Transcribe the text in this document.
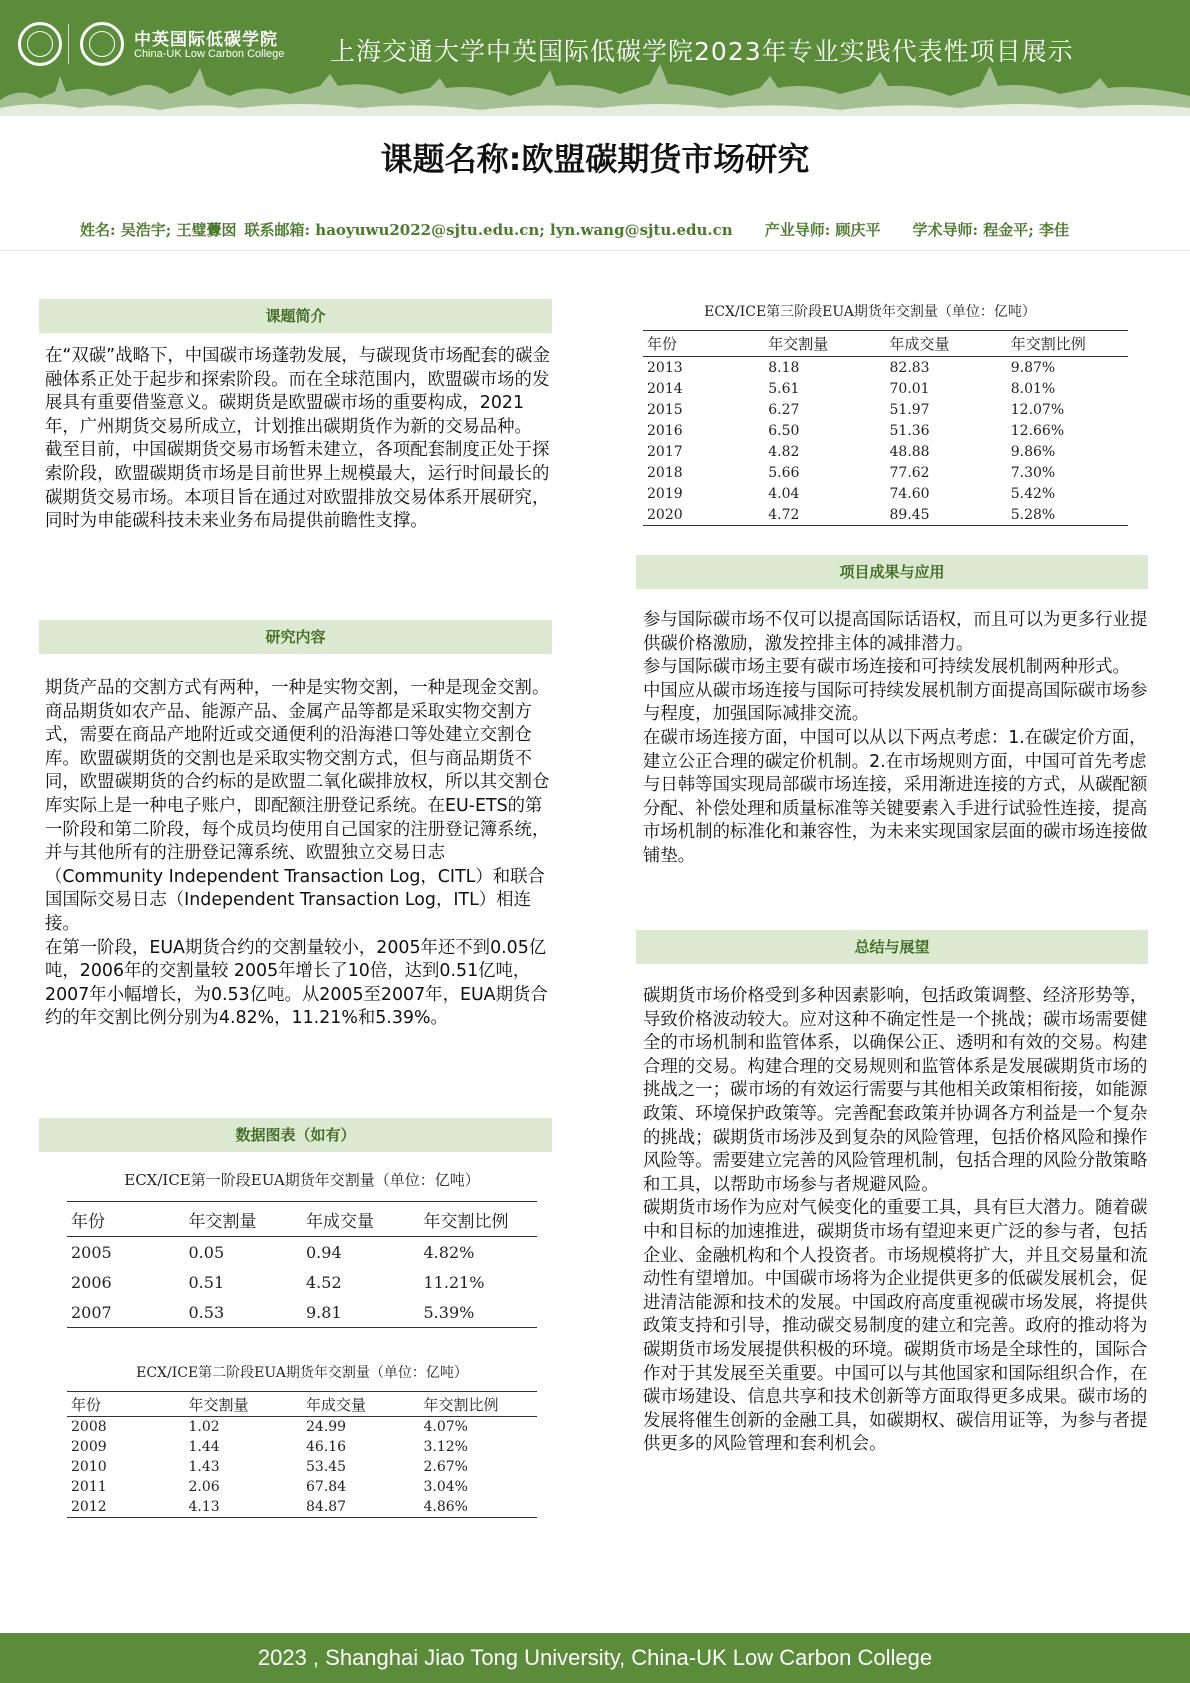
中英国际低碳学院
China-UK Low Carbon College 上海交通大学中英国际低碳学院2023年专业实践代表性项目展示
课题名称:欧盟碳期货市场研究
姓名: 吴浩宇; 王璧虋囡 联系邮箱: haoyuwu2022@sjtu.edu.cn; lyn.wang@sjtu.edu.cn 产业导师: 顾庆平 学术导师: 程金平; 李佳
课题简介

在“双碳”战略下，中国碳市场蓬勃发展，与碳现货市场配套的碳金融体系正处于起步和探索阶段。而在全球范围内，欧盟碳市场的发展具有重要借鉴意义。碳期货是欧盟碳市场的重要构成，2021年，广州期货交易所成立，计划推出碳期货作为新的交易品种。

截至目前，中国碳期货交易市场暂未建立，各项配套制度正处于探索阶段，欧盟碳期货市场是目前世界上规模最大，运行时间最长的碳期货交易市场。本项目旨在通过对欧盟排放交易体系开展研究，同时为申能碳科技未来业务布局提供前瞻性支撑。

研究内容

期货产品的交割方式有两种，一种是实物交割，一种是现金交割。商品期货如农产品、能源产品、金属产品等都是采取实物交割方式，需要在商品产地附近或交通便利的沿海港口等处建立交割仓库。欧盟碳期货的交割也是采取实物交割方式，但与商品期货不同，欧盟碳期货的合约标的是欧盟二氧化碳排放权，所以其交割仓库实际上是一种电子账户，即配额注册登记系统。在EU-ETS的第一阶段和第二阶段，每个成员均使用自己国家的注册登记簿系统，并与其他所有的注册登记簿系统、欧盟独立交易日志（Community Independent Transaction Log，CITL）和联合国国际交易日志（Independent Transaction Log，ITL）相连接。

在第一阶段，EUA期货合约的交割量较小，2005年还不到0.05亿吨，2006年的交割量较 2005年增长了10倍，达到0.51亿吨，2007年小幅增长，为0.53亿吨。从2005至2007年，EUA期货合约的年交割比例分别为4.82%，11.21%和5.39%。

数据图表（如有）
ECX/ICE第一阶段EUA期货年交割量（单位：亿吨）
年份	年交割量	年成交量	年交割比例
2005	0.05	0.94	4.82%
2006	0.51	4.52	11.21%
2007	0.53	9.81	5.39%
ECX/ICE第二阶段EUA期货年交割量（单位：亿吨）
年份	年交割量	年成交量	年交割比例
2008	1.02	24.99	4.07%
2009	1.44	46.16	3.12%
2010	1.43	53.45	2.67%
2011	2.06	67.84	3.04%
2012	4.13	84.87	4.86%
ECX/ICE第三阶段EUA期货年交割量（单位：亿吨）
年份	年交割量	年成交量	年交割比例
2013	8.18	82.83	9.87%
2014	5.61	70.01	8.01%
2015	6.27	51.97	12.07%
2016	6.50	51.36	12.66%
2017	4.82	48.88	9.86%
2018	5.66	77.62	7.30%
2019	4.04	74.60	5.42%
2020	4.72	89.45	5.28%
项目成果与应用

参与国际碳市场不仅可以提高国际话语权，而且可以为更多行业提供碳价格激励，激发控排主体的减排潜力。

参与国际碳市场主要有碳市场连接和可持续发展机制两种形式。

中国应从碳市场连接与国际可持续发展机制方面提高国际碳市场参与程度，加强国际减排交流。

在碳市场连接方面，中国可以从以下两点考虑：1.在碳定价方面，建立公正合理的碳定价机制。2.在市场规则方面，中国可首先考虑与日韩等国实现局部碳市场连接，采用渐进连接的方式，从碳配额分配、补偿处理和质量标准等关键要素入手进行试验性连接，提高市场机制的标准化和兼容性，为未来实现国家层面的碳市场连接做铺垫。

总结与展望

碳期货市场价格受到多种因素影响，包括政策调整、经济形势等，导致价格波动较大。应对这种不确定性是一个挑战；碳市场需要健全的市场机制和监管体系，以确保公正、透明和有效的交易。构建合理的交易。构建合理的交易规则和监管体系是发展碳期货市场的挑战之一；碳市场的有效运行需要与其他相关政策相衔接，如能源政策、环境保护政策等。完善配套政策并协调各方利益是一个复杂的挑战；碳期货市场涉及到复杂的风险管理，包括价格风险和操作风险等。需要建立完善的风险管理机制，包括合理的风险分散策略和工具，以帮助市场参与者规避风险。

碳期货市场作为应对气候变化的重要工具，具有巨大潜力。随着碳中和目标的加速推进，碳期货市场有望迎来更广泛的参与者，包括企业、金融机构和个人投资者。市场规模将扩大，并且交易量和流动性有望增加。中国碳市场将为企业提供更多的低碳发展机会，促进清洁能源和技术的发展。中国政府高度重视碳市场发展，将提供政策支持和引导，推动碳交易制度的建立和完善。政府的推动将为碳期货市场发展提供积极的环境。碳期货市场是全球性的，国际合作对于其发展至关重要。中国可以与其他国家和国际组织合作，在碳市场建设、信息共享和技术创新等方面取得更多成果。碳市场的发展将催生创新的金融工具，如碳期权、碳信用证等，为参与者提供更多的风险管理和套利机会。

2023 , Shanghai Jiao Tong University, China-UK Low Carbon College
